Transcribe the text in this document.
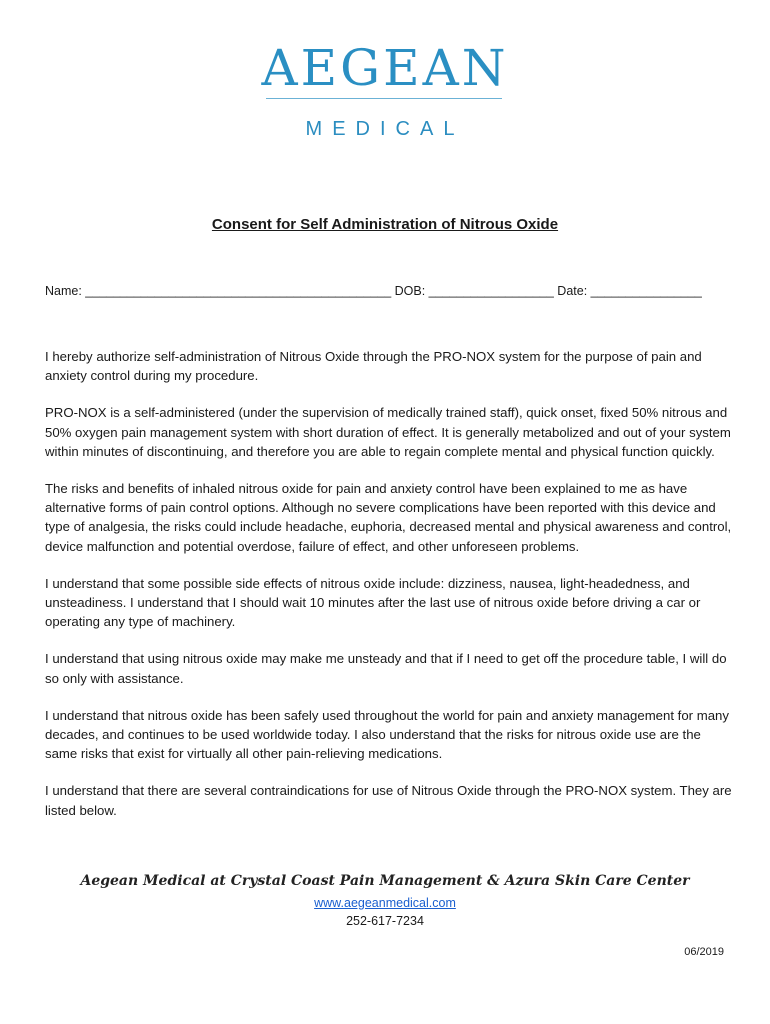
AEGEAN
MEDICAL
Consent for Self Administration of Nitrous Oxide
Name: ____________________________________________ DOB: __________________ Date: ________________

I hereby authorize self-administration of Nitrous Oxide through the PRO-NOX system for the purpose of pain and anxiety control during my procedure.

PRO-NOX is a self-administered (under the supervision of medically trained staff), quick onset, fixed 50% nitrous and 50% oxygen pain management system with short duration of effect. It is generally metabolized and out of your system within minutes of discontinuing, and therefore you are able to regain complete mental and physical function quickly.

The risks and benefits of inhaled nitrous oxide for pain and anxiety control have been explained to me as have alternative forms of pain control options. Although no severe complications have been reported with this device and type of analgesia, the risks could include headache, euphoria, decreased mental and physical awareness and control, device malfunction and potential overdose, failure of effect, and other unforeseen problems.

I understand that some possible side effects of nitrous oxide include: dizziness, nausea, light-headedness, and unsteadiness. I understand that I should wait 10 minutes after the last use of nitrous oxide before driving a car or operating any type of machinery.

I understand that using nitrous oxide may make me unsteady and that if I need to get off the procedure table, I will do so only with assistance.

I understand that nitrous oxide has been safely used throughout the world for pain and anxiety management for many decades, and continues to be used worldwide today. I also understand that the risks for nitrous oxide use are the same risks that exist for virtually all other pain-relieving medications.

I understand that there are several contraindications for use of Nitrous Oxide through the PRO-NOX system. They are listed below.

Aegean Medical at Crystal Coast Pain Management & Azura Skin Care Center
www.aegeanmedical.com
252-617-7234
06/2019
